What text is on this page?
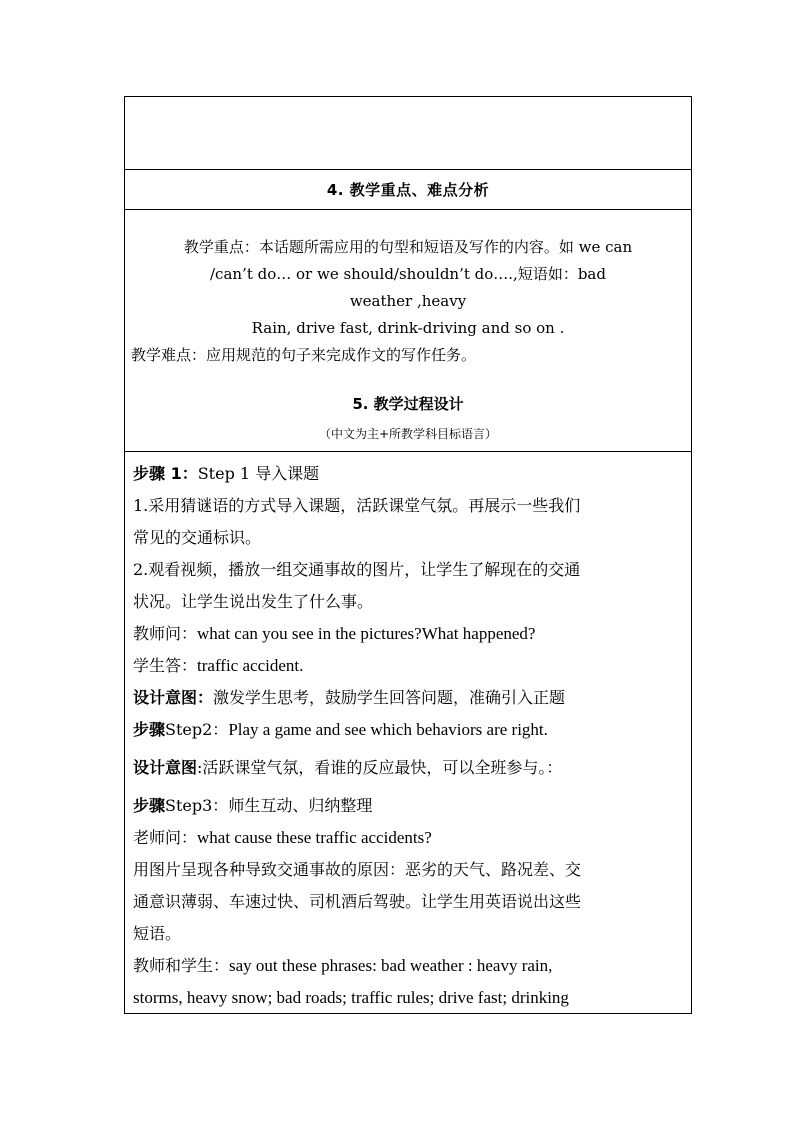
4. 教学重点、难点分析
教学重点：本话题所需应用的句型和短语及写作的内容。如 we can
/can’t do… or we should/shouldn’t do….,短语如：bad
weather ,heavy
Rain, drive fast, drink-driving and so on .
教学难点：应用规范的句子来完成作文的写作任务。
5. 教学过程设计
（中文为主+所教学科目标语言）
步骤 1：Step 1 导入课题
1.采用猜谜语的方式导入课题，活跃课堂气氛。再展示一些我们
常见的交通标识。
2.观看视频，播放一组交通事故的图片，让学生了解现在的交通
状况。让学生说出发生了什么事。
教师问：what can you see in the pictures?What happened?
学生答：traffic accident.
设计意图：激发学生思考，鼓励学生回答问题，准确引入正题
步骤Step2：Play a game and see which behaviors are right.
设计意图:活跃课堂气氛，看谁的反应最快，可以全班参与。：
步骤Step3：师生互动、归纳整理
老师问：what cause these traffic accidents?
用图片呈现各种导致交通事故的原因：恶劣的天气、路况差、交
通意识薄弱、车速过快、司机酒后驾驶。让学生用英语说出这些
短语。
教师和学生：say out these phrases: bad weather : heavy rain,
storms, heavy snow; bad roads; traffic rules; drive fast; drinking
